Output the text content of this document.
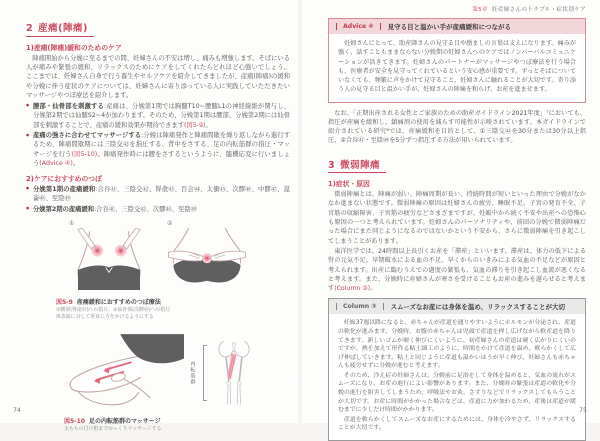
2 産痛(陣痛)
1)産痛(陣痛)緩和のためのケア

陣痛開始から分娩に至るまでの間、妊婦さんの不安は増し、痛みも増強します。そばにいる人が痛みや緊張の緩和、リラックスのためにケアをしてくれたらどれほど心強いでしょう。ここまでは、妊婦さん自身で行う養生やセルフケアを紹介してきましたが、産痛(陣痛)の緩和や分娩に伴う症状のケアについては、妊婦さんに寄り添っている人に実践していただきたいマッサージやつぼ療法を紹介します。

● 腰部・仙骨部を刺激する:産痛は、分娩第1期では胸髄T10~腰髄L1の神経線維が関与し、分娩第2期では仙髄S2~4が加わります。そのため、分娩第1期は腰部、分娩第2期には仙骨部を刺激することで、産痛の緩和効果が期待できます(図5-9)。

● 産痛の強さに合わせてマッサージする:分娩は陣痛発作と陣痛間歇を繰り返しながら進行するため、陣痛間歇期には三陰交㊷を指圧する、背中をさする、足の内転筋群の指圧・マッサージを行う(図5-10)。陣痛発作時には腰をさするというように、臨機応変に行いましょう(Advice ④)。

2)ケアにおすすめのつぼ

● 分娩第1期の産痛緩和:合谷㊶、三陰交㊷、腎兪㊸、百会㊹、太衝㊺、次髎㊻、中髎㊼、崑崙㊽、至陰㊾

● 分娩第2期の産痛緩和:合谷㊶、三陰交㊷、次髎㊻、至陰㊾

①	②
図5-9 産痛緩和におすすめのつぼ療法
①腰部(腎兪㊸)への指圧、②仙骨部(次髎㊻)への指圧
体表面に対して垂直に力をかけるようにする
内転筋群
図5-10 足の内転筋群のマッサージ
太ももの付け根までゆっくりマッサージする
第5章 妊産婦さんのトラブル・症状別ケア
Advice ④	見守る目と温かい手が産痛緩和につながる

妊婦さんにとって、助産師さんの見守る目や励ましの言葉は支えになります。痛みが強く、話すこともままならない分娩期の妊婦さんへのケアではノンバーバルコミュニケーションが活きてきます。妊婦さんのパートナーがマッサージやつぼ療法を行う場合も、医療者が安全を見守ってくれているという安心感が重要です。ずっとそばについていなくても、頻繁に声をかけて見守ること、妊婦さんに触れることが大切です。寄り添う人の見守る目と温かい手が、妊婦さんの陣痛を和らげ、お産を進ませます。

なお、「正期出産される女性とご家族のための助産ガイドライン2021年度」⁷においても、指圧が産痛を緩和し、鎮痛剤の使用を減らす可能性が示唆されています。本ガイドラインで紹介されている研究⁸では、産痛緩和を目的として、①三陰交㊷を30分または30分以上指圧、②合谷㊶・至陰㊾を5分ずつ指圧する方法が用いられています。

3 微弱陣痛
1)症状・原因

微弱陣痛とは、陣痛が弱い、陣痛周期が長い、持続時間が短いといった理由で分娩がなかなか進まない状態です。微弱陣痛の原因は妊婦さんの疲労、睡眠不足、子宮の発育不全、子宮筋の収縮障害、子宮筋の疲労などさまざまですが、妊娠中から続く不安や出産への恐怖心も原因の一つと考えられています。妊婦さんのパーソナリティや、前回の分娩で微弱陣痛だった場合にまた同じようになるのではないかという不安から、さらに微弱陣痛を引き起こしてしまうことがあります。

東洋医学では、24時間以上長引くお産を「滞産」といいます。滞産は、体力の低下による腎の元気不足、早期破水による血の不足、早くからのいきみによる気血の不足などが原因と考えられます。出産に臨むうえでの過度の緊張も、気血の滞りを引き起こし血流が悪くなると考えます。また、分娩時に産婦さんが寒さを受けることもお産の進みを遅らせると考えます(Column ③)。

Column ③	スムーズなお産には身体を温め、リラックスすることが大切

妊娠37週以降になると、赤ちゃんが産道を通りやすいようにホルモンが分泌され、産道の軟化が進みます。分娩時、お腹の赤ちゃんは児頭で産道を押し広げながら軟産道を降りてきます。新しいゴムが硬く伸びにくいように、初産婦さんの産道は硬く広がりにくいのですが、熱を加えて形作る粘土細工のように、時間をかけて産道を温め、軟らかくして広げ伸ばしていきます。粘土と同じように産道も温かいほうが早く伸び、妊婦さんも赤ちゃんも疲労せずに分娩が進むと考えます。

そのため、冷え症の妊婦さんは、分娩前に足浴をして身体を温めると、気血の流れがスムーズになり、お産の進行によい影響があります。また、分娩時の緊張は産道の軟化や分娩の進行を阻害してしまうため、呼吸法やお灸、さすりなどでリラックスしてもらうことが大切です。お産に時間がかかった場合などは、産道に力が加わるため、産後は産道が緩むまでに少しだけ時間がかかります。

産道を軟らかくしてスムーズなお産にするためには、身体を冷やさず、リラックスすることが大切です。

74	75
